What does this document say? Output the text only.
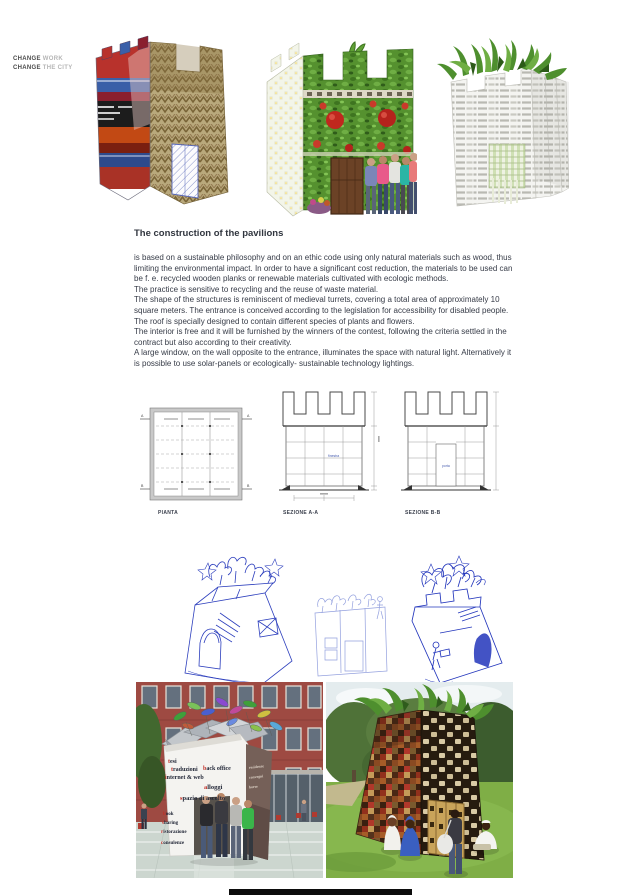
CHANGE WORK
CHANGE THE CITY
The construction of the pavilions

is based on a sustainable philosophy and on an ethic code using only natural materials such as wood, thus limiting the environmental impact. In order to have a significant cost reduction, the materials to be used can be f. e. recycled wooden planks or renewable materials cultivated with ecologic methods.

The practice is sensitive to recycling and the reuse of waste material.

The shape of the structures is reminiscent of medieval turrets, covering a total area of approximately 10 square meters. The entrance is conceived according to the legislation for accessibility for disabled people. The roof is specially designed to contain different species of plants and flowers.

The interior is free and it will be furnished by the winners of the contest, following the criteria settled in the contract but also according to their creativity.

A large window, on the wall opposite to the entrance, illuminates the space with natural light. Alternatively it is possible to use solar-panels or ecologically- sustainable technology lightings.

A	A
B	B
PIANTA
finestra
SEZIONE A-A
porta
SEZIONE B-B
tesi
traduzioni back office
internet & web
alloggi
spazio di ascolto
book
sharing
ristorazione
consulenze
residenze
convegni
borse
